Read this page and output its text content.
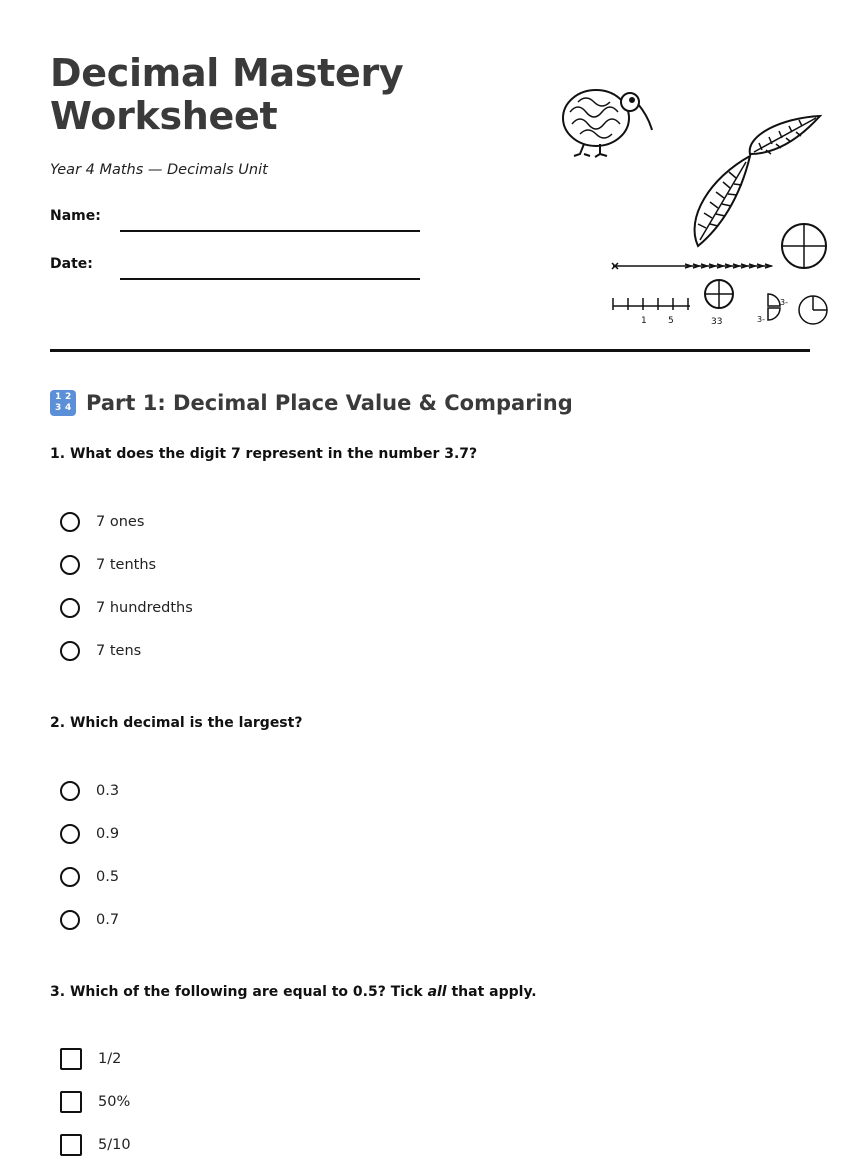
Decimal Mastery
Worksheet
Year 4 Maths — Decimals Unit
Name:
Date:
1 5	33
3-
3-
1 2
3 4 Part 1: Decimal Place Value & Comparing
1. What does the digit 7 represent in the number 3.7?
7 ones
7 tenths
7 hundredths
7 tens
2. Which decimal is the largest?
0.3
0.9
0.5
0.7
3. Which of the following are equal to 0.5? Tick all that apply.
1/2
50%
5/10
